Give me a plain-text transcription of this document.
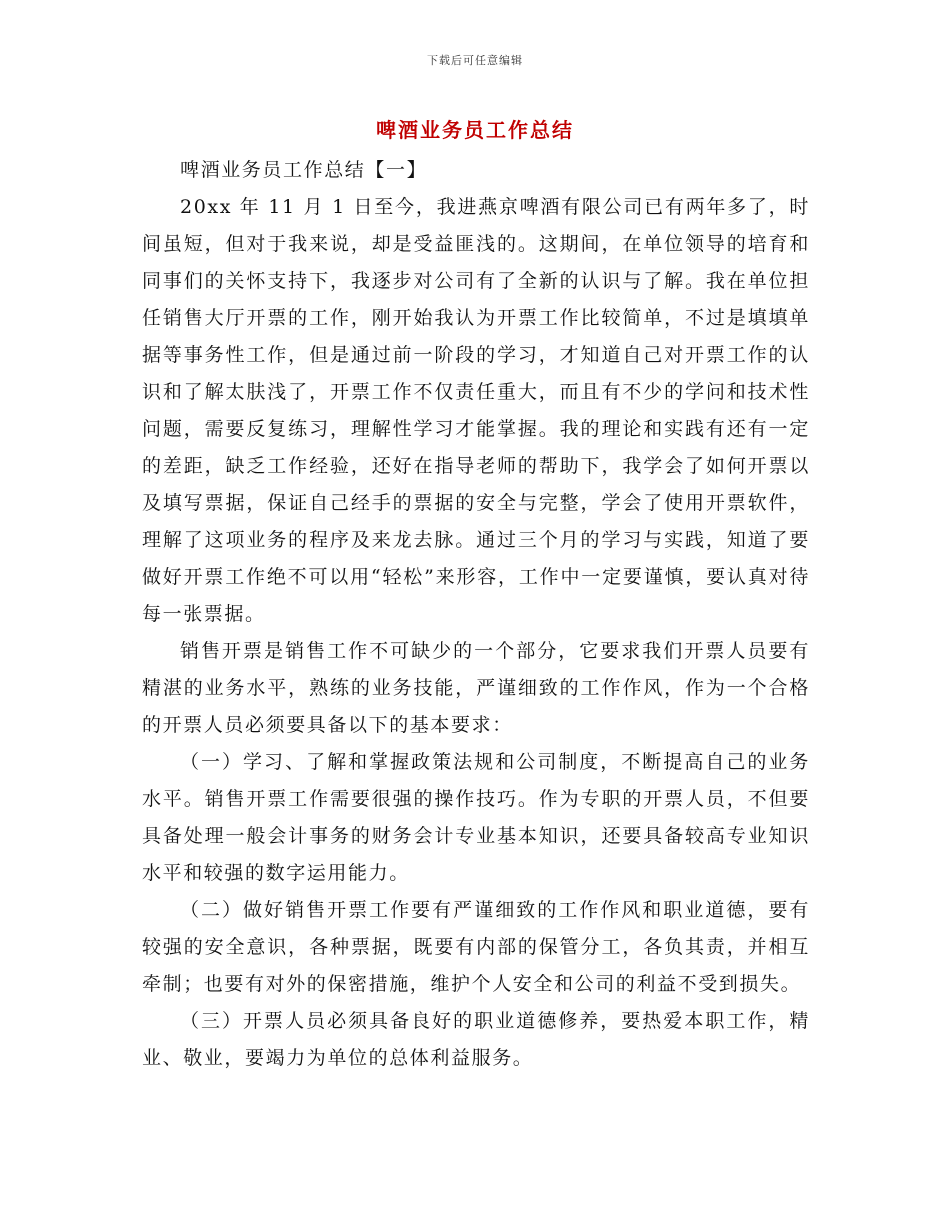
下载后可任意编辑
啤酒业务员工作总结

啤酒业务员工作总结【一】

20xx 年 11 月 1 日至今，我进燕京啤酒有限公司已有两年多了，时间虽短，但对于我来说，却是受益匪浅的。这期间，在单位领导的培育和同事们的关怀支持下，我逐步对公司有了全新的认识与了解。我在单位担任销售大厅开票的工作，刚开始我认为开票工作比较简单，不过是填填单据等事务性工作，但是通过前一阶段的学习，才知道自己对开票工作的认识和了解太肤浅了，开票工作不仅责任重大，而且有不少的学问和技术性问题，需要反复练习，理解性学习才能掌握。我的理论和实践有还有一定的差距，缺乏工作经验，还好在指导老师的帮助下，我学会了如何开票以及填写票据，保证自己经手的票据的安全与完整，学会了使用开票软件，理解了这项业务的程序及来龙去脉。通过三个月的学习与实践，知道了要做好开票工作绝不可以用“轻松”来形容，工作中一定要谨慎，要认真对待每一张票据。

销售开票是销售工作不可缺少的一个部分，它要求我们开票人员要有精湛的业务水平，熟练的业务技能，严谨细致的工作作风，作为一个合格的开票人员必须要具备以下的基本要求：

（一）学习、了解和掌握政策法规和公司制度，不断提高自己的业务水平。销售开票工作需要很强的操作技巧。作为专职的开票人员，不但要具备处理一般会计事务的财务会计专业基本知识，还要具备较高专业知识水平和较强的数字运用能力。

（二）做好销售开票工作要有严谨细致的工作作风和职业道德，要有较强的安全意识，各种票据，既要有内部的保管分工，各负其责，并相互牵制；也要有对外的保密措施，维护个人安全和公司的利益不受到损失。

（三）开票人员必须具备良好的职业道德修养，要热爱本职工作，精业、敬业，要竭力为单位的总体利益服务。
